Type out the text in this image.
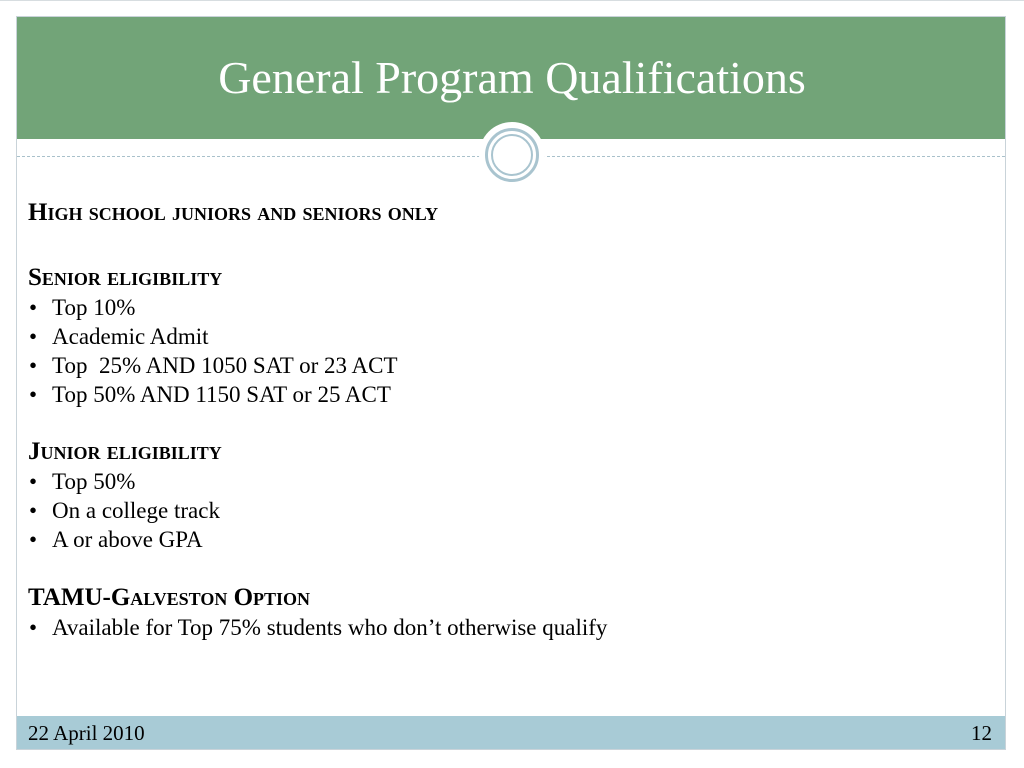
General Program Qualifications

High school juniors and seniors only

Senior eligibility

• Top 10%
• Academic Admit
• Top  25% AND 1050 SAT or 23 ACT
• Top 50% AND 1150 SAT or 25 ACT

Junior eligibility

• Top 50%
• On a college track
• A or above GPA

TAMU-Galveston Option

• Available for Top 75% students who don’t otherwise qualify
22 April 2010	12
